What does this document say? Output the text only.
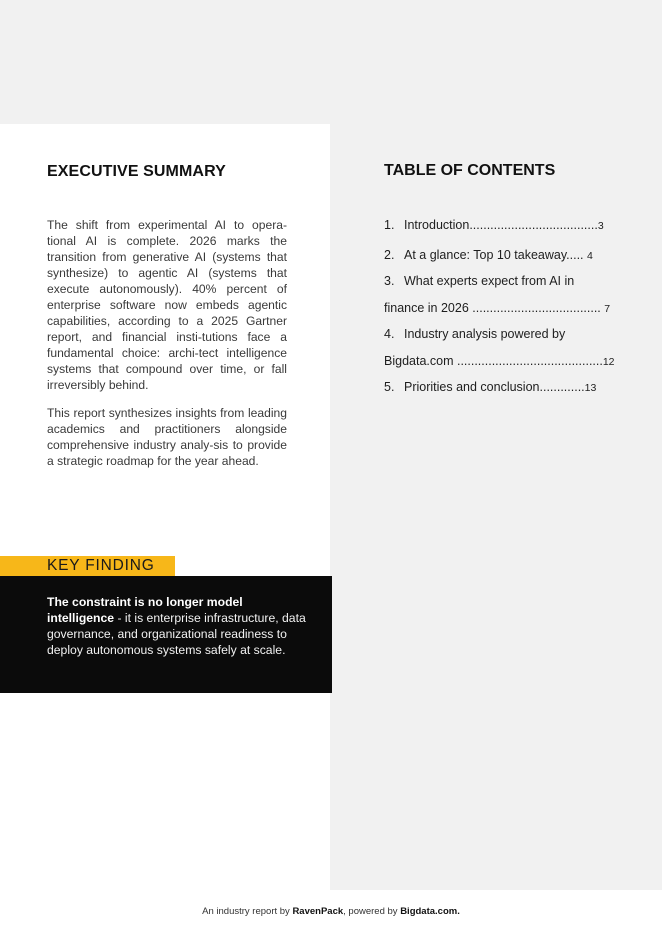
EXECUTIVE SUMMARY

The shift from experimental AI to opera-tional AI is complete. 2026 marks the transition from generative AI (systems that synthesize) to agentic AI (systems that execute autonomously). 40% percent of enterprise software now embeds agentic capabilities, according to a 2025 Gartner report, and financial insti-tutions face a fundamental choice: archi-tect intelligence systems that compound over time, or fall irreversibly behind.

This report synthesizes insights from leading academics and practitioners alongside comprehensive industry analy-sis to provide a strategic roadmap for the year ahead.

KEY FINDING
The constraint is no longer model intelligence - it is enterprise infrastructure, data governance, and organizational readiness to deploy autonomous systems safely at scale.
TABLE OF CONTENTS
1. Introduction.....................................3
2. At a glance: Top 10 takeaway..... 4
3. What experts expect from AI in
finance in 2026 ..................................... 7
4. Industry analysis powered by
Bigdata.com ..........................................12
5. Priorities and conclusion.............13
An industry report by RavenPack, powered by Bigdata.com.
